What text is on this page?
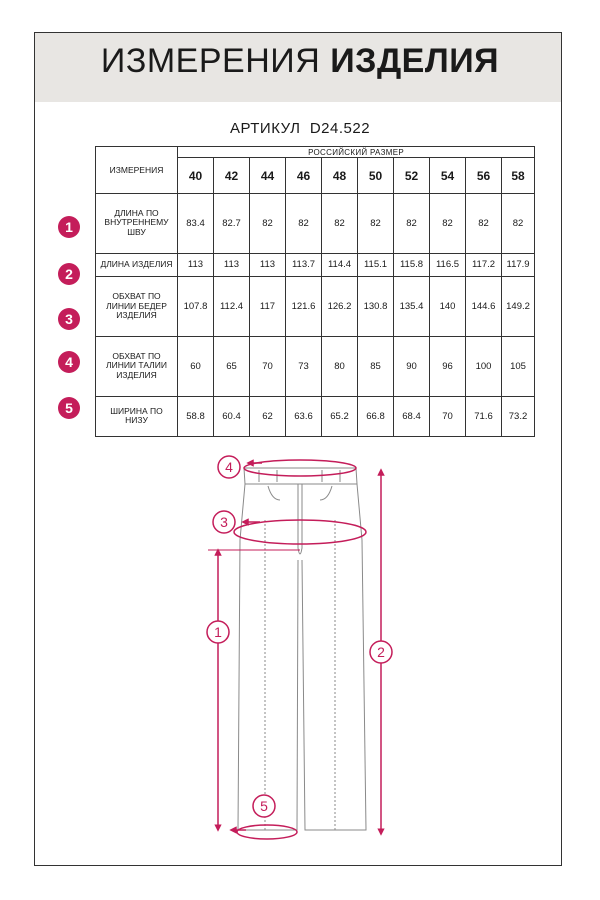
ИЗМЕРЕНИЯ ИЗДЕЛИЯ
АРТИКУЛ D24.522
ИЗМЕРЕНИЯ	РОССИЙСКИЙ РАЗМЕР									
	40	42	44	46	48	50	52	54	56	58

ДЛИНА ПО
ВНУТРЕННЕМУ
ШВУ	83.4	82.7	82	82	82	82	82	82	82	82

ДЛИНА ИЗДЕЛИЯ	113	113	113	113.7	114.4	115.1	115.8	116.5	117.2	117.9

ОБХВАТ ПО
ЛИНИИ БЕДЕР
ИЗДЕЛИЯ	107.8	112.4	117	121.6	126.2	130.8	135.4	140	144.6	149.2

ОБХВАТ ПО
ЛИНИИ ТАЛИИ
ИЗДЕЛИЯ	60	65	70	73	80	85	90	96	100	105

ШИРИНА ПО
НИЗУ	58.8	60.4	62	63.6	65.2	66.8	68.4	70	71.6	73.2
1
2
3
4
5
4
3
1
2
5
